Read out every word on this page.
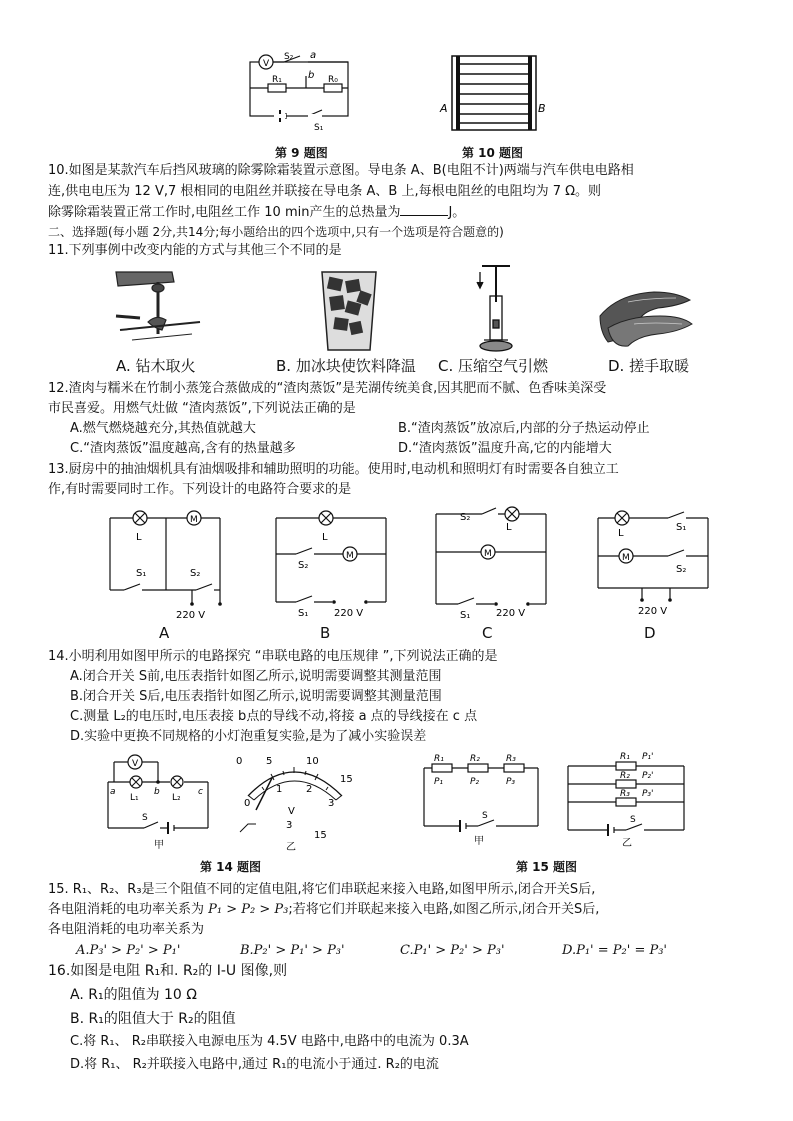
V
S₂ a
b
R₁	R₀
S₁
A	B
第 9 题图	第 10 题图
10.如图是某款汽车后挡风玻璃的除雾除霜装置示意图。导电条 A、B(电阻不计)两端与汽车供电电路相
连,供电电压为 12 V,7 根相同的电阻丝并联接在导电条 A、B 上,每根电阻丝的电阻均为 7 Ω。则
除雾除霜装置正常工作时,电阻丝工作 10 min产生的总热量为	J。
二、选择题(每小题 2分,共14分;每小题给出的四个选项中,只有一个选项是符合题意的)
11.下列事例中改变内能的方式与其他三个不同的是
A. 钻木取火	B. 加冰块使饮料降温 C. 压缩空气引燃	D. 搓手取暖
12.渣肉与糯米在竹制小蒸笼合蒸做成的“渣肉蒸饭”是芜湖传统美食,因其肥而不腻、色香味美深受
市民喜爱。用燃气灶做 “渣肉蒸饭”,下列说法正确的是
A.燃气燃烧越充分,其热值就越大	B.“渣肉蒸饭”放凉后,内部的分子热运动停止
C.“渣肉蒸饭”温度越高,含有的热量越多	D.“渣肉蒸饭”温度升高,它的内能增大
13.厨房中的抽油烟机具有油烟吸排和辅助照明的功能。使用时,电动机和照明灯有时需要各自独立工
作,有时需要同时工作。下列设计的电路符合要求的是
M
L
S₁	S₂
220 V
M
L
S₂
S₁	220 V
M
S₂
L
S₁	220 V
M
L
S₁
S₂
220 V
A	B	C	D
14.小明利用如图甲所示的电路探究 “串联电路的电压规律 ”,下列说法正确的是
A.闭合开关 S前,电压表指针如图乙所示,说明需要调整其测量范围
B.闭合开关 S后,电压表指针如图乙所示,说明需要调整其测量范围
C.测量 L₂的电压时,电压表接 b点的导线不动,将接 a 点的导线接在 c 点
D.实验中更换不同规格的小灯泡重复实验,是为了减小实验误差
V
a	b	c
L₁	L₂
S
甲
0 5	10
15
0
1 2
3
V
3
15
乙
R₁	R₂	R₃
P₁	P₂	P₃
S
甲
R₁
R₂
R₃
P₁'
P₂'
P₃'
S
乙
第 14 题图	第 15 题图
15. R₁、R₂、R₃是三个阻值不同的定值电阻,将它们串联起来接入电路,如图甲所示,闭合开关S后,
各电阻消耗的电功率关系为 P₁ > P₂ > P₃;若将它们并联起来接入电路,如图乙所示,闭合开关S后,
各电阻消耗的电功率关系为
A.P₃' > P₂' > P₁'	B.P₂' > P₁' > P₃'	C.P₁' > P₂' > P₃'	D.P₁' = P₂' = P₃'
16.如图是电阻 R₁和. R₂的 I-U 图像,则
A. R₁的阻值为 10 Ω
B. R₁的阻值大于 R₂的阻值
C.将 R₁、 R₂串联接入电源电压为 4.5V 电路中,电路中的电流为 0.3A
D.将 R₁、 R₂并联接入电路中,通过 R₁的电流小于通过. R₂的电流
